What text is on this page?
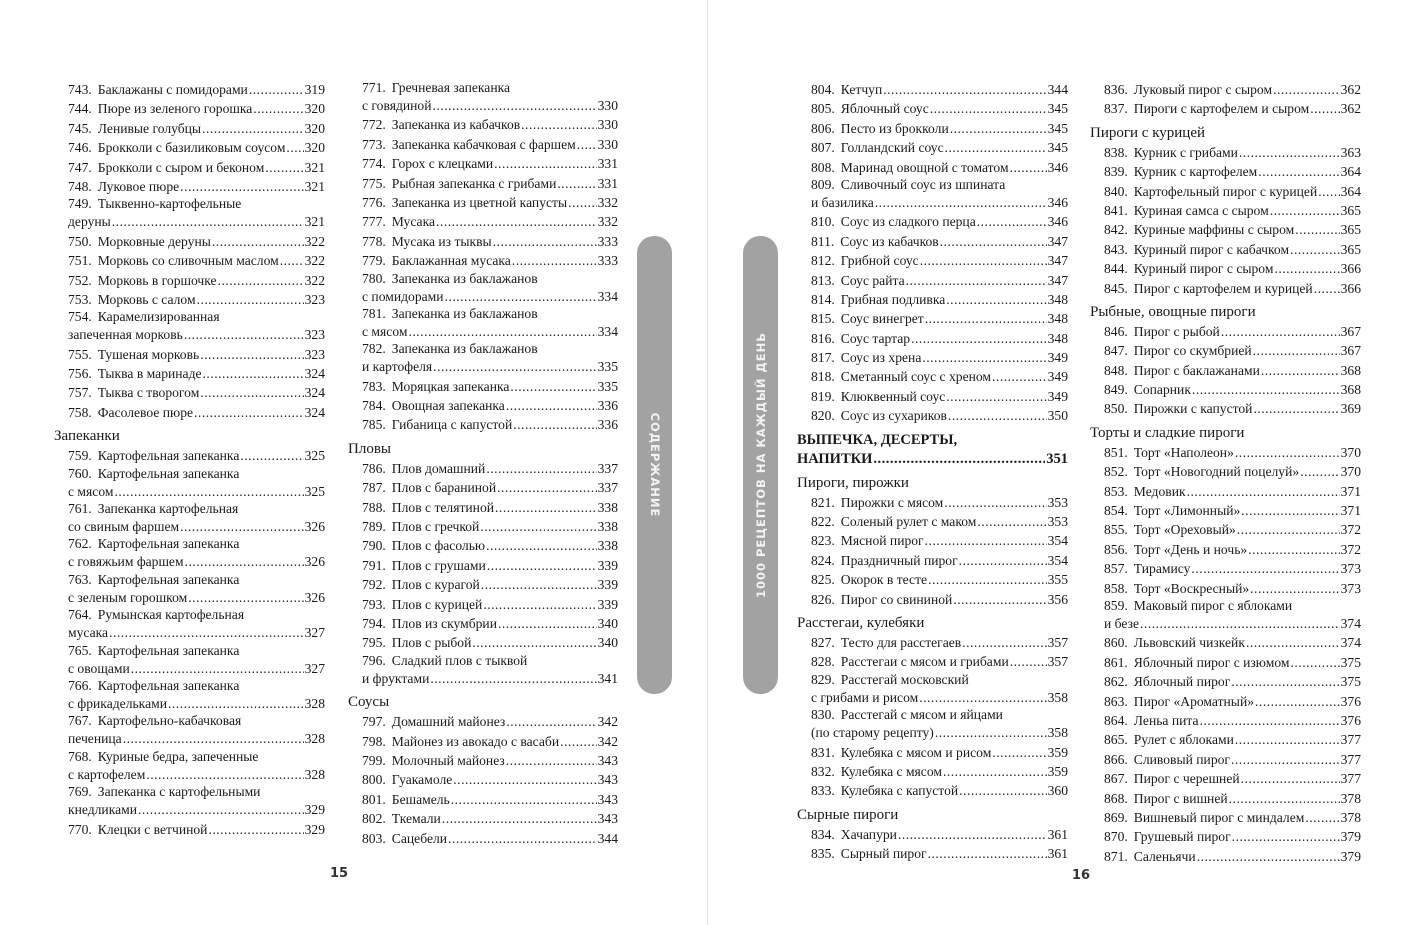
743. Баклажаны с помидорами .....	319
744. Пюре из зеленого горошка .....	320
745. Ленивые голубцы .....	320
746. Брокколи с базиликовым соусом ..... 320
747. Брокколи с сыром и беконом .....	321
748. Луковое пюре .....	321
749. Тыквенно-картофельные
деруны .....	321
750. Морковные деруны .....	322
751. Морковь со сливочным маслом ..... 322
752. Морковь в горшочке .....	322
753. Морковь с салом .....	323
754. Карамелизированная
запеченная морковь .....	323
755. Тушеная морковь .....	323
756. Тыква в маринаде .....	324
757. Тыква с творогом .....	324
758. Фасолевое пюре .....	324
Запеканки
759. Картофельная запеканка .....	325
760. Картофельная запеканка
с мясом .....	325
761. Запеканка картофельная
со свиным фаршем .....	326
762. Картофельная запеканка
с говяжьим фаршем .....	326
763. Картофельная запеканка
с зеленым горошком .....	326
764. Румынская картофельная
мусака .....	327
765. Картофельная запеканка
с овощами .....	327
766. Картофельная запеканка
с фрикадельками .....	328
767. Картофельно-кабачковая
печеница .....	328
768. Куриные бедра, запеченные
с картофелем .....	328
769. Запеканка с картофельными
кнедликами .....	329
770. Клецки с ветчиной .....	329
771. Гречневая запеканка
с говядиной .....	330
772. Запеканка из кабачков .....	330
773. Запеканка кабачковая с фаршем ..... 330
774. Горох с клецками .....	331
775. Рыбная запеканка с грибами .....	331
776. Запеканка из цветной капусты ..... 332
777. Мусака .....	332
778. Мусака из тыквы .....	333
779. Баклажанная мусака .....	333
780. Запеканка из баклажанов
с помидорами .....	334
781. Запеканка из баклажанов
с мясом .....	334
782. Запеканка из баклажанов
и картофеля .....	335
783. Моряцкая запеканка .....	335
784. Овощная запеканка .....	336
785. Гибаница с капустой .....	336
Пловы
786. Плов домашний .....	337
787. Плов с бараниной .....	337
788. Плов с телятиной .....	338
789. Плов с гречкой .....	338
790. Плов с фасолью .....	338
791. Плов с грушами .....	339
792. Плов с курагой .....	339
793. Плов с курицей .....	339
794. Плов из скумбрии .....	340
795. Плов с рыбой .....	340
796. Сладкий плов с тыквой
и фруктами .....	341
Соусы
797. Домашний майонез .....	342
798. Майонез из авокадо с васаби .....	342
799. Молочный майонез .....	343
800. Гуакамоле .....	343
801. Бешамель .....	343
802. Ткемали .....	343
803. Сацебели .....	344
804. Кетчуп .....	344
805. Яблочный соус .....	345
806. Песто из брокколи .....	345
807. Голландский соус .....	345
808. Маринад овощной с томатом .....	346
809. Сливочный соус из шпината
и базилика .....	346
810. Соус из сладкого перца .....	346
811. Соус из кабачков .....	347
812. Грибной соус .....	347
813. Соус райта .....	347
814. Грибная подливка .....	348
815. Соус винегрет .....	348
816. Соус тартар .....	348
817. Соус из хрена .....	349
818. Сметанный соус с хреном .....	349
819. Клюквенный соус .....	349
820. Соус из сухариков .....	350
ВЫПЕЧКА, ДЕСЕРТЫ,
НАПИТКИ .....	351
Пироги, пирожки
821. Пирожки с мясом .....	353
822. Соленый рулет с маком .....	353
823. Мясной пирог .....	354
824. Праздничный пирог .....	354
825. Окорок в тесте .....	355
826. Пирог со свининой .....	356
Расстегаи, кулебяки
827. Тесто для расстегаев .....	357
828. Расстегаи с мясом и грибами .....	357
829. Расстегай московский
с грибами и рисом .....	358
830. Расстегай с мясом и яйцами
(по старому рецепту) .....	358
831. Кулебяка с мясом и рисом .....	359
832. Кулебяка с мясом .....	359
833. Кулебяка с капустой .....	360
Сырные пироги
834. Хачапури .....	361
835. Сырный пирог .....	361
836. Луковый пирог с сыром .....	362
837. Пироги с картофелем и сыром ..... 362
Пироги с курицей
838. Курник с грибами .....	363
839. Курник с картофелем .....	364
840. Картофельный пирог с курицей ..... 364
841. Куриная самса с сыром .....	365
842. Куриные маффины с сыром .....	365
843. Куриный пирог с кабачком .....	365
844. Куриный пирог с сыром .....	366
845. Пирог с картофелем и курицей ..... 366
Рыбные, овощные пироги
846. Пирог с рыбой .....	367
847. Пирог со скумбрией .....	367
848. Пирог с баклажанами .....	368
849. Сопарник .....	368
850. Пирожки с капустой .....	369
Торты и сладкие пироги
851. Торт «Наполеон» .....	370
852. Торт «Новогодний поцелуй» .....	370
853. Медовик .....	371
854. Торт «Лимонный» .....	371
855. Торт «Ореховый» .....	372
856. Торт «День и ночь» .....	372
857. Тирамису .....	373
858. Торт «Воскресный» .....	373
859. Маковый пирог с яблоками
и безе .....	374
860. Львовский чизкейк .....	374
861. Яблочный пирог с изюмом .....	375
862. Яблочный пирог .....	375
863. Пирог «Ароматный» .....	376
864. Леньа пита .....	376
865. Рулет с яблоками .....	377
866. Сливовый пирог .....	377
867. Пирог с черешней .....	377
868. Пирог с вишней .....	378
869. Вишневый пирог с миндалем .....	378
870. Грушевый пирог .....	379
871. Саленьячи .....	379
СОДЕРЖАНИЕ	1000 РЕЦЕПТОВ НА КАЖДЫЙ ДЕНЬ
15	16
